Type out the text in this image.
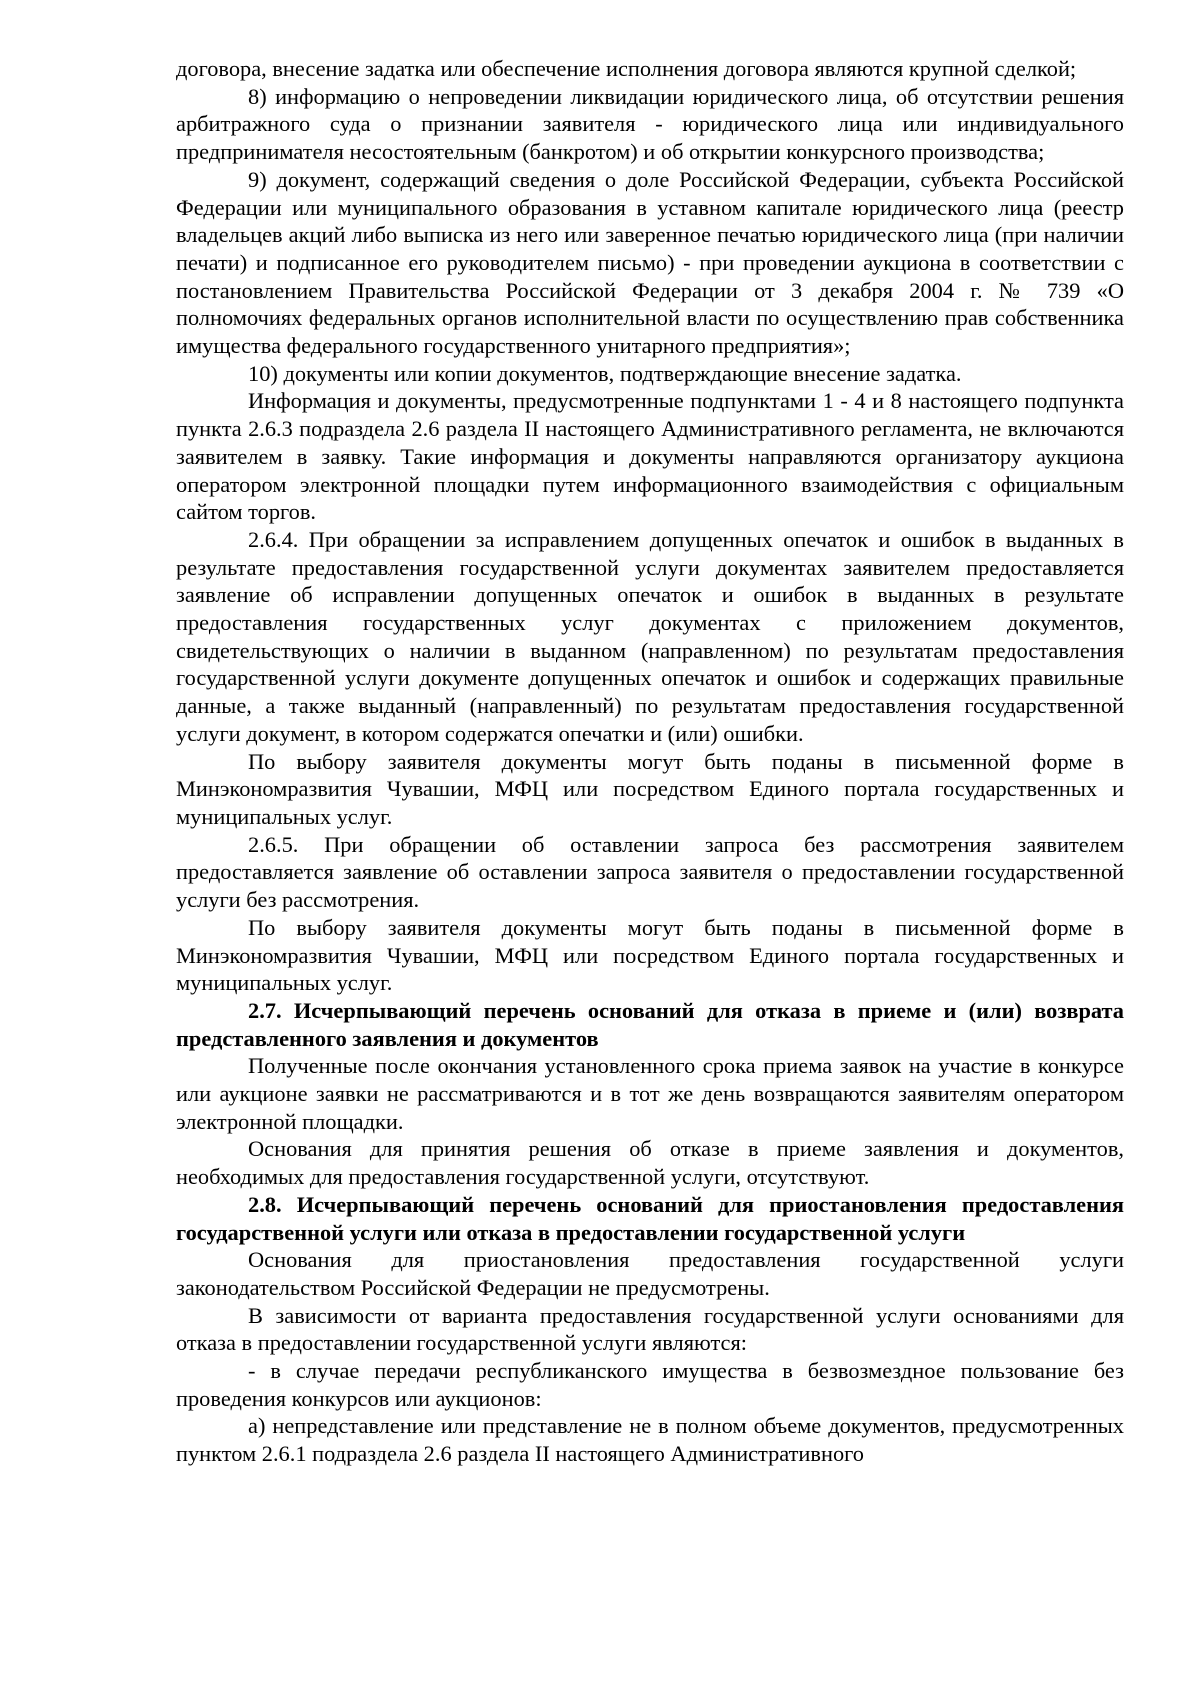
договора, внесение задатка или обеспечение исполнения договора являются крупной сделкой;

8) информацию о непроведении ликвидации юридического лица, об отсутствии решения арбитражного суда о признании заявителя - юридического лица или индивидуального предпринимателя несостоятельным (банкротом) и об открытии конкурсного производства;

9) документ, содержащий сведения о доле Российской Федерации, субъекта Российской Федерации или муниципального образования в уставном капитале юридического лица (реестр владельцев акций либо выписка из него или заверенное печатью юридического лица (при наличии печати) и подписанное его руководителем письмо) - при проведении аукциона в соответствии с постановлением Правительства Российской Федерации от 3 декабря 2004 г. № 739 «О полномочиях федеральных органов исполнительной власти по осуществлению прав собственника имущества федерального государственного унитарного предприятия»;

10) документы или копии документов, подтверждающие внесение задатка.

Информация и документы, предусмотренные подпунктами 1 - 4 и 8 настоящего подпункта пункта 2.6.3 подраздела 2.6 раздела II настоящего Административного регламента, не включаются заявителем в заявку. Такие информация и документы направляются организатору аукциона оператором электронной площадки путем информационного взаимодействия с официальным сайтом торгов.

2.6.4. При обращении за исправлением допущенных опечаток и ошибок в выданных в результате предоставления государственной услуги документах заявителем предоставляется заявление об исправлении допущенных опечаток и ошибок в выданных в результате предоставления государственных услуг документах с приложением документов, свидетельствующих о наличии в выданном (направленном) по результатам предоставления государственной услуги документе допущенных опечаток и ошибок и содержащих правильные данные, а также выданный (направленный) по результатам предоставления государственной услуги документ, в котором содержатся опечатки и (или) ошибки.

По выбору заявителя документы могут быть поданы в письменной форме в Минэкономразвития Чувашии, МФЦ или посредством Единого портала государственных и муниципальных услуг.

2.6.5. При обращении об оставлении запроса без рассмотрения заявителем предоставляется заявление об оставлении запроса заявителя о предоставлении государственной услуги без рассмотрения.

По выбору заявителя документы могут быть поданы в письменной форме в Минэкономразвития Чувашии, МФЦ или посредством Единого портала государственных и муниципальных услуг.

2.7. Исчерпывающий перечень оснований для отказа в приеме и (или) возврата представленного заявления и документов

Полученные после окончания установленного срока приема заявок на участие в конкурсе или аукционе заявки не рассматриваются и в тот же день возвращаются заявителям оператором электронной площадки.

Основания для принятия решения об отказе в приеме заявления и документов, необходимых для предоставления государственной услуги, отсутствуют.

2.8. Исчерпывающий перечень оснований для приостановления предоставления государственной услуги или отказа в предоставлении государственной услуги

Основания для приостановления предоставления государственной услуги законодательством Российской Федерации не предусмотрены.

В зависимости от варианта предоставления государственной услуги основаниями для отказа в предоставлении государственной услуги являются:

- в случае передачи республиканского имущества в безвозмездное пользование без проведения конкурсов или аукционов:

а) непредставление или представление не в полном объеме документов, предусмотренных пунктом 2.6.1 подраздела 2.6 раздела II настоящего Административного
